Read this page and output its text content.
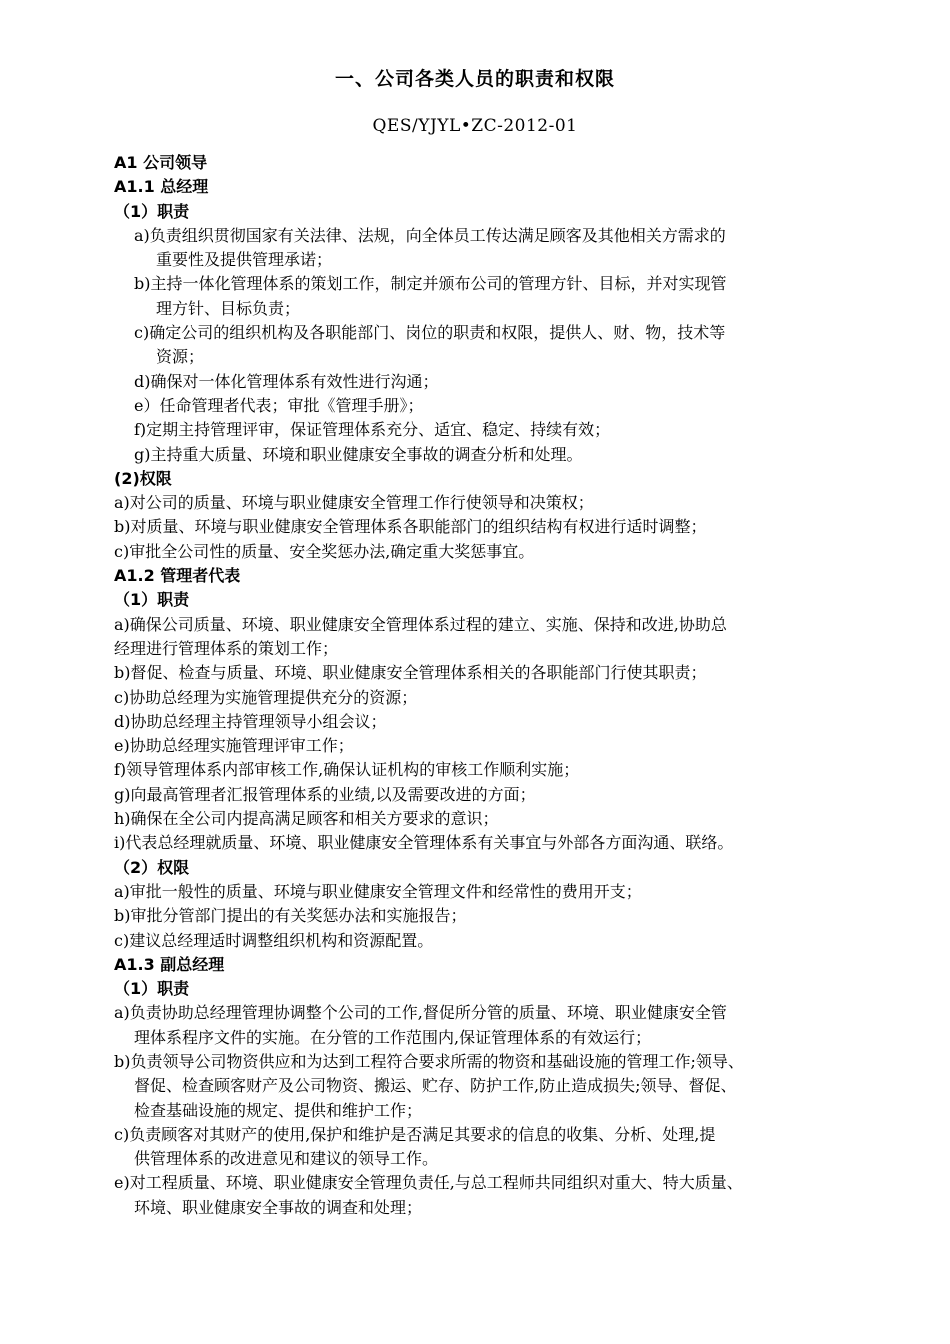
一、公司各类人员的职责和权限
QES/YJYL•ZC-2012-01
A1 公司领导
A1.1 总经理
（1）职责
a)负责组织贯彻国家有关法律、法规，向全体员工传达满足顾客及其他相关方需求的
重要性及提供管理承诺；
b)主持一体化管理体系的策划工作，制定并颁布公司的管理方针、目标，并对实现管
理方针、目标负责；
c)确定公司的组织机构及各职能部门、岗位的职责和权限，提供人、财、物，技术等
资源；
d)确保对一体化管理体系有效性进行沟通；
e）任命管理者代表；审批《管理手册》；
f)定期主持管理评审，保证管理体系充分、适宜、稳定、持续有效；
g)主持重大质量、环境和职业健康安全事故的调查分析和处理。
(2)权限
a)对公司的质量、环境与职业健康安全管理工作行使领导和决策权；
b)对质量、环境与职业健康安全管理体系各职能部门的组织结构有权进行适时调整；
c)审批全公司性的质量、安全奖惩办法,确定重大奖惩事宜。
A1.2 管理者代表
（1）职责
a)确保公司质量、环境、职业健康安全管理体系过程的建立、实施、保持和改进,协助总
经理进行管理体系的策划工作；
b)督促、检查与质量、环境、职业健康安全管理体系相关的各职能部门行使其职责；
c)协助总经理为实施管理提供充分的资源；
d)协助总经理主持管理领导小组会议；
e)协助总经理实施管理评审工作；
f)领导管理体系内部审核工作,确保认证机构的审核工作顺利实施；
g)向最高管理者汇报管理体系的业绩,以及需要改进的方面；
h)确保在全公司内提高满足顾客和相关方要求的意识；
i)代表总经理就质量、环境、职业健康安全管理体系有关事宜与外部各方面沟通、联络。
（2）权限
a)审批一般性的质量、环境与职业健康安全管理文件和经常性的费用开支；
b)审批分管部门提出的有关奖惩办法和实施报告；
c)建议总经理适时调整组织机构和资源配置。
A1.3 副总经理
（1）职责
a)负责协助总经理管理协调整个公司的工作,督促所分管的质量、环境、职业健康安全管
理体系程序文件的实施。在分管的工作范围内,保证管理体系的有效运行；
b)负责领导公司物资供应和为达到工程符合要求所需的物资和基础设施的管理工作;领导、
督促、检查顾客财产及公司物资、搬运、贮存、防护工作,防止造成损失;领导、督促、
检查基础设施的规定、提供和维护工作；
c)负责顾客对其财产的使用,保护和维护是否满足其要求的信息的收集、分析、处理,提
供管理体系的改进意见和建议的领导工作。
e)对工程质量、环境、职业健康安全管理负责任,与总工程师共同组织对重大、特大质量、
环境、职业健康安全事故的调查和处理；
